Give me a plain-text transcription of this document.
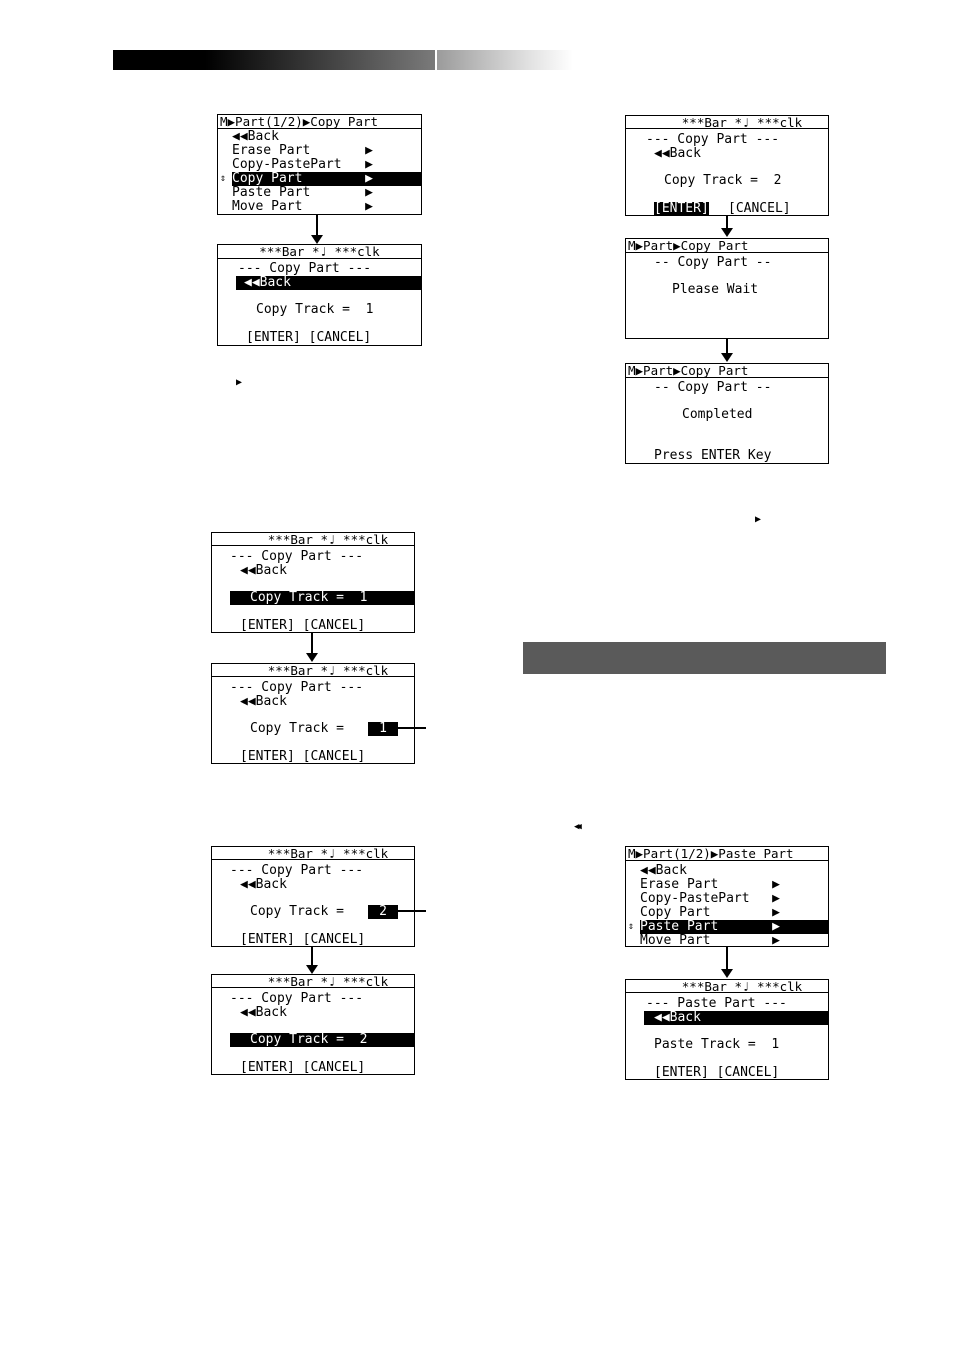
M▶Part(1/2)▶Copy Part
◀◀Back
Erase Part	▶
Copy-PastePart ▶
⇕ Copy Part	▶
Paste Part	▶
Move Part	▶
***Bar *♩ ***clk
--- Copy Part ---
◀◀Back
Copy Track =  1
[ENTER] [CANCEL]
▶
***Bar *♩ ***clk
--- Copy Part ---
◀◀Back
Copy Track =  1
[ENTER] [CANCEL]
***Bar *♩ ***clk
--- Copy Part ---
◀◀Back
Copy Track =	1
[ENTER] [CANCEL]
***Bar *♩ ***clk
--- Copy Part ---
◀◀Back
Copy Track =	2
[ENTER] [CANCEL]
***Bar *♩ ***clk
--- Copy Part ---
◀◀Back
Copy Track =  2
[ENTER] [CANCEL]
***Bar *♩ ***clk
--- Copy Part ---
◀◀Back
Copy Track =  2
[ENTER] [CANCEL]
M▶Part▶Copy Part
-- Copy Part --
Please Wait
M▶Part▶Copy Part
-- Copy Part --
Completed
Press ENTER Key
▶
◀◀
M▶Part(1/2)▶Paste Part
◀◀Back
Erase Part	▶
Copy-PastePart ▶
Copy Part	▶
⇕ Paste Part	▶
Move Part	▶
***Bar *♩ ***clk
--- Paste Part ---
◀◀Back
Paste Track =  1
[ENTER] [CANCEL]
